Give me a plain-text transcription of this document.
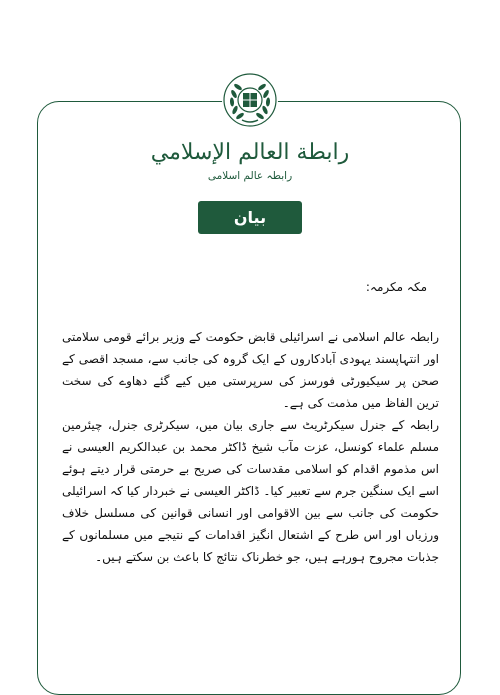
رابطة العالم الإسلامي
رابطہ عالم اسلامی
بیان
مکہ مکرمہ:

رابطہ عالم اسلامی نے اسرائیلی قابض حکومت کے وزیر برائے قومی سلامتی اور انتہاپسند یہودی آبادکاروں کے ایک گروہ کی جانب سے، مسجد اقصی کے صحن پر سیکیورٹی فورسز کی سرپرستی میں کیے گئے دھاوے کی سخت ترین الفاظ میں مذمت کی ہے۔

رابطہ کے جنرل سیکرٹریٹ سے جاری بیان میں، سیکرٹری جنرل، چیئرمین مسلم علماء کونسل، عزت مآب شیخ ڈاکٹر محمد بن عبدالکریم العیسی نے اس مذموم اقدام کو اسلامی مقدسات کی صریح بے حرمتی قرار دیتے ہوئے اسے ایک سنگین جرم سے تعبیر کیا۔ ڈاکٹر العیسی نے خبردار کیا کہ اسرائیلی حکومت کی جانب سے بین الاقوامی اور انسانی قوانین کی مسلسل خلاف ورزیاں اور اس طرح کے اشتعال انگیز اقدامات کے نتیجے میں مسلمانوں کے جذبات مجروح ہورہے ہیں، جو خطرناک نتائج کا باعث بن سکتے ہیں۔
